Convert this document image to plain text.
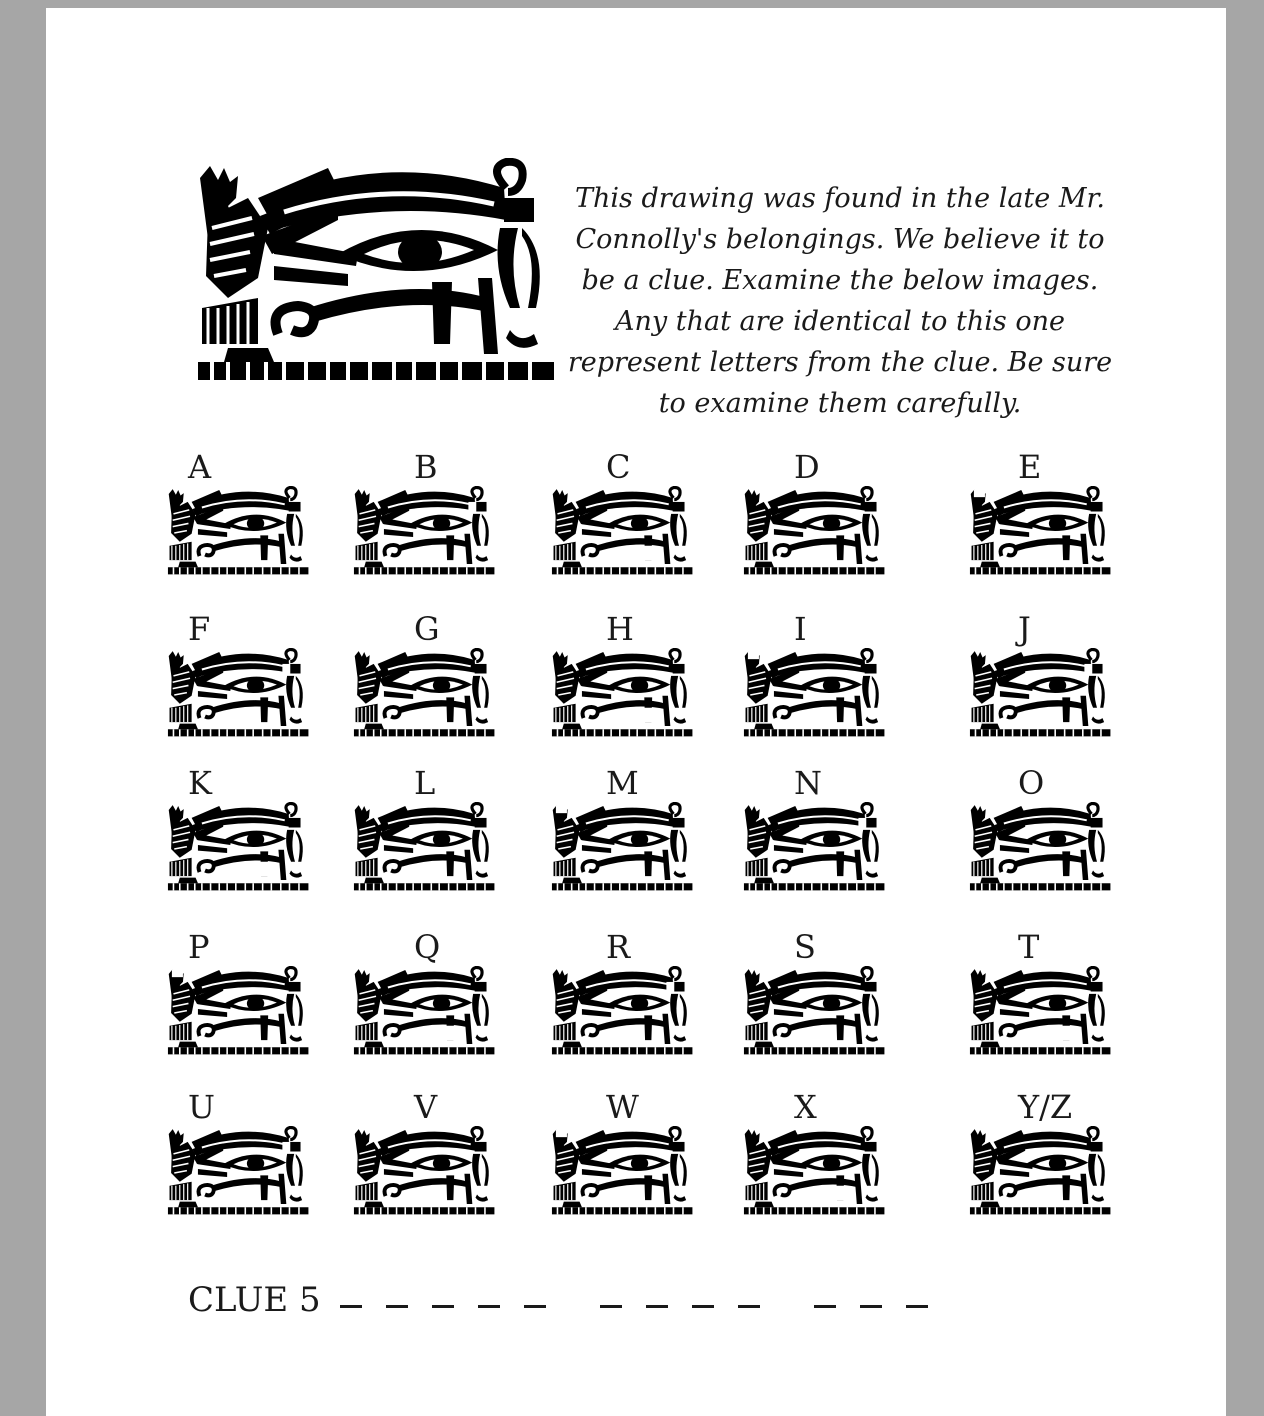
This drawing was found in the late Mr. Connolly's belongings. We believe it to be a clue. Examine the below images. Any that are identical to this one represent letters from the clue. Be sure to examine them carefully.
A	B	C	D	E
F	G	H	I	J
K	L	M	N	O
P	Q	R	S	T
U	V	W	X	Y/Z
CLUE 5
